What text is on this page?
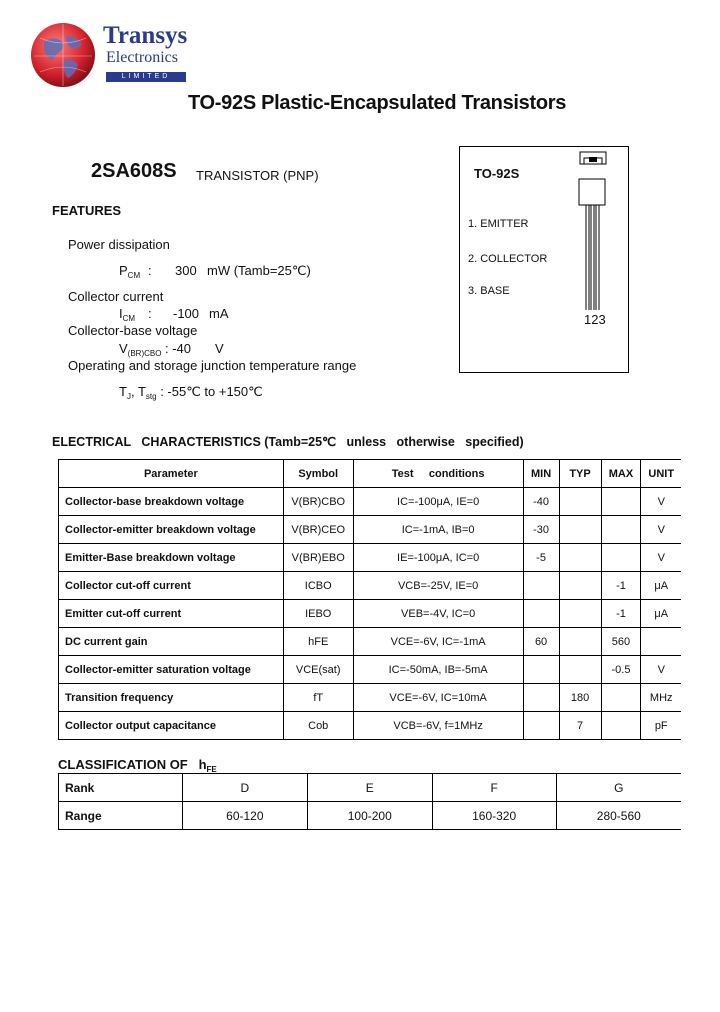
Transys
Electronics
LIMITED
TO-92S Plastic-Encapsulated Transistors
2SA608S TRANSISTOR (PNP)
FEATURES
Power dissipation
$P_{CM}$ : 300 mW (Tamb=25℃)
Collector current
$I_{CM}$ : -100 mA
Collector-base voltage
$V_{(BR)CBO}$ : -40 V
Operating and storage junction temperature range
$T_J$, $T_{stg}$ : -55℃ to +150℃
TO-92S
1. EMITTER
2. COLLECTOR
3. BASE
123
ELECTRICAL   CHARACTERISTICS (Tamb=25℃   unless   otherwise   specified)
Parameter	Symbol	Test     conditions	MIN	TYP	MAX	UNIT
Collector-base breakdown voltage	V(BR)CBO	IC=-100μA, IE=0	-40			V
Collector-emitter breakdown voltage	V(BR)CEO	IC=-1mA, IB=0	-30			V
Emitter-Base breakdown voltage	V(BR)EBO	IE=-100μA, IC=0	-5			V
Collector cut-off current	ICBO	VCB=-25V, IE=0			-1	μA
Emitter cut-off current	IEBO	VEB=-4V, IC=0			-1	μA
DC current gain	hFE	VCE=-6V, IC=-1mA	60		560	
Collector-emitter saturation voltage	VCE(sat)	IC=-50mA, IB=-5mA			-0.5	V
Transition frequency	fT	VCE=-6V, IC=10mA		180		MHz
Collector output capacitance	Cob	VCB=-6V, f=1MHz		7		pF
CLASSIFICATION OF   $h_{FE}$
Rank	D	E	F	G
Range	60-120	100-200	160-320	280-560
